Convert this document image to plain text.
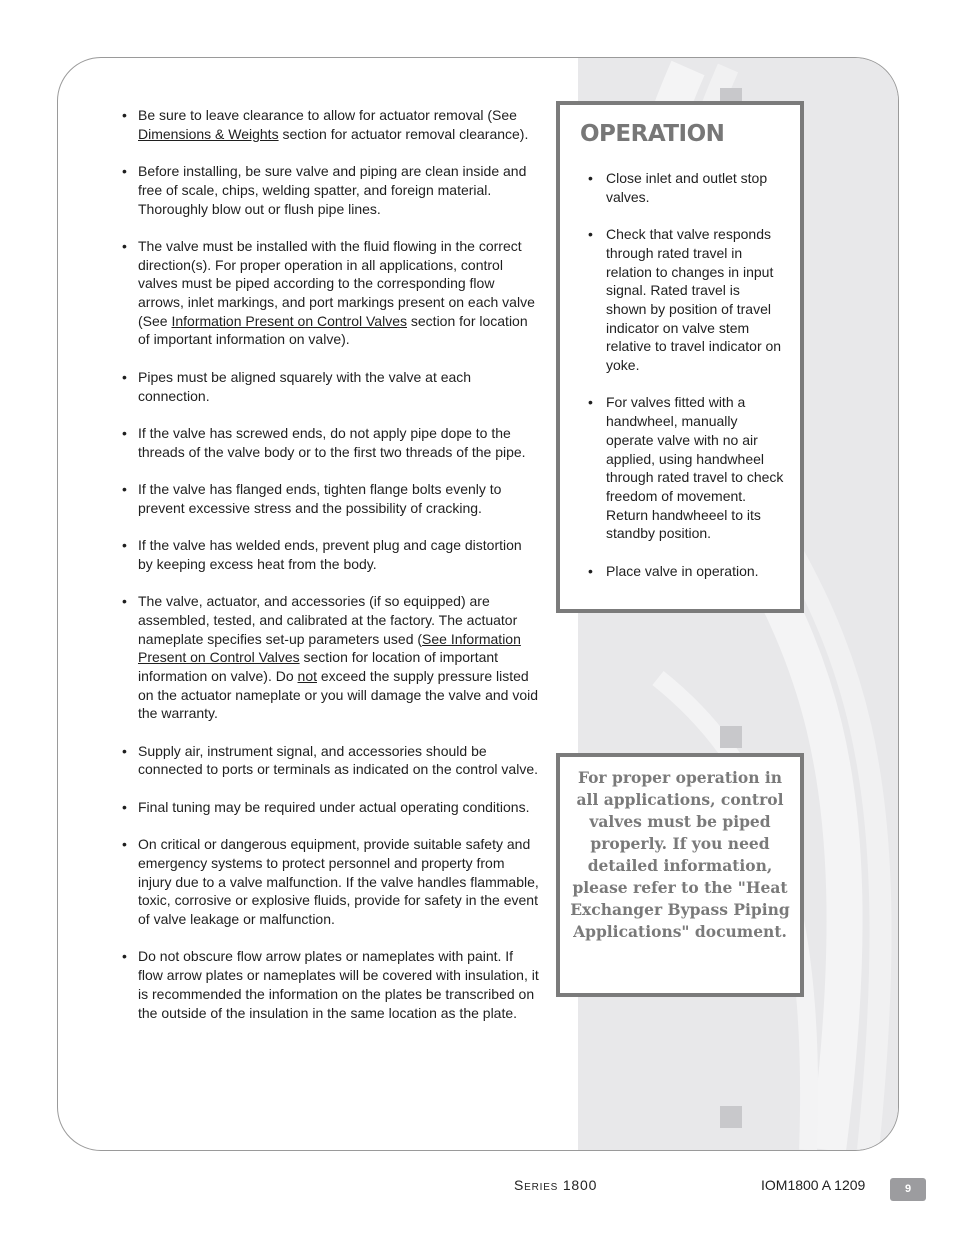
• Be sure to leave clearance to allow for actuator removal (See Dimensions & Weights section for actuator removal clearance).
• Before installing, be sure valve and piping are clean inside and free of scale, chips, welding spatter, and foreign material. Thoroughly blow out or flush pipe lines.
• The valve must be installed with the fluid flowing in the correct direction(s). For proper operation in all applications, control valves must be piped according to the corresponding flow arrows, inlet markings, and port markings present on each valve (See Information Present on Control Valves section for location of important information on valve).
• Pipes must be aligned squarely with the valve at each connection.
• If the valve has screwed ends, do not apply pipe dope to the threads of the valve body or to the first two threads of the pipe.
• If the valve has flanged ends, tighten flange bolts evenly to prevent excessive stress and the possibility of cracking.
• If the valve has welded ends, prevent plug and cage distortion by keeping excess heat from the body.
• The valve, actuator, and accessories (if so equipped) are assembled, tested, and calibrated at the factory. The actuator nameplate specifies set-up parameters used (See Information Present on Control Valves section for location of important information on valve). Do not exceed the supply pressure listed on the actuator nameplate or you will damage the valve and void the warranty.
• Supply air, instrument signal, and accessories should be connected to ports or terminals as indicated on the control valve.
• Final tuning may be required under actual operating conditions.
• On critical or dangerous equipment, provide suitable safety and emergency systems to protect personnel and property from injury due to a valve malfunction. If the valve handles flammable, toxic, corrosive or explosive fluids, provide for safety in the event of valve leakage or malfunction.
• Do not obscure flow arrow plates or nameplates with paint. If flow arrow plates or nameplates will be covered with insulation, it is recommended the information on the plates be transcribed on the outside of the insulation in the same location as the plate.
OPERATION
• Close inlet and outlet stop valves.
• Check that valve responds through rated travel in relation to changes in input signal. Rated travel is shown by position of travel indicator on valve stem relative to travel indicator on yoke.
• For valves fitted with a handwheel, manually operate valve with no air applied, using handwheel through rated travel to check freedom of movement. Return handwheeel to its standby position.
• Place valve in operation.

For proper operation in all applications, control valves must be piped properly. If you need detailed information, please refer to the "Heat Exchanger Bypass Piping Applications" document.

Series 1800	IOM1800 A 1209	9
